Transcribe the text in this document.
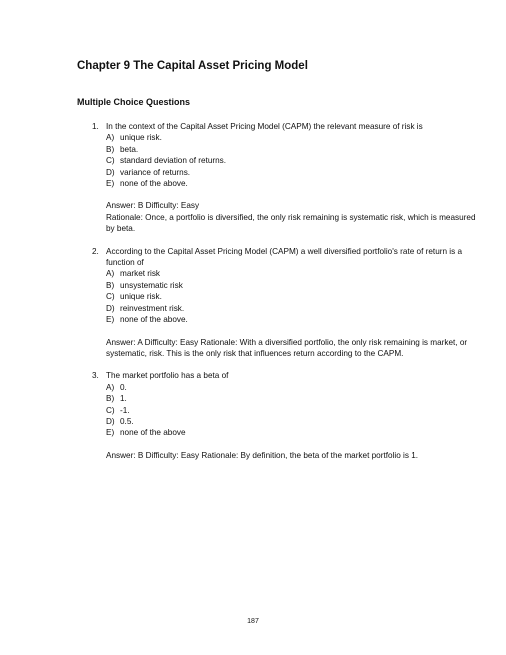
Chapter 9 The Capital Asset Pricing Model
Multiple Choice Questions
1. In the context of the Capital Asset Pricing Model (CAPM) the relevant measure of risk is
A) unique risk.
B) beta.
C) standard deviation of returns.
D) variance of returns.
E) none of the above.
Answer: B Difficulty: Easy
Rationale: Once, a portfolio is diversified, the only risk remaining is systematic risk, which is measured by beta.
2. According to the Capital Asset Pricing Model (CAPM) a well diversified portfolio's rate of return is a function of
A) market risk
B) unsystematic risk
C) unique risk.
D) reinvestment risk.
E) none of the above.
Answer: A Difficulty: Easy Rationale: With a diversified portfolio, the only risk remaining is market, or systematic, risk. This is the only risk that influences return according to the CAPM.
3. The market portfolio has a beta of
A) 0.
B) 1.
C) -1.
D) 0.5.
E) none of the above
Answer: B Difficulty: Easy Rationale: By definition, the beta of the market portfolio is 1.
187
